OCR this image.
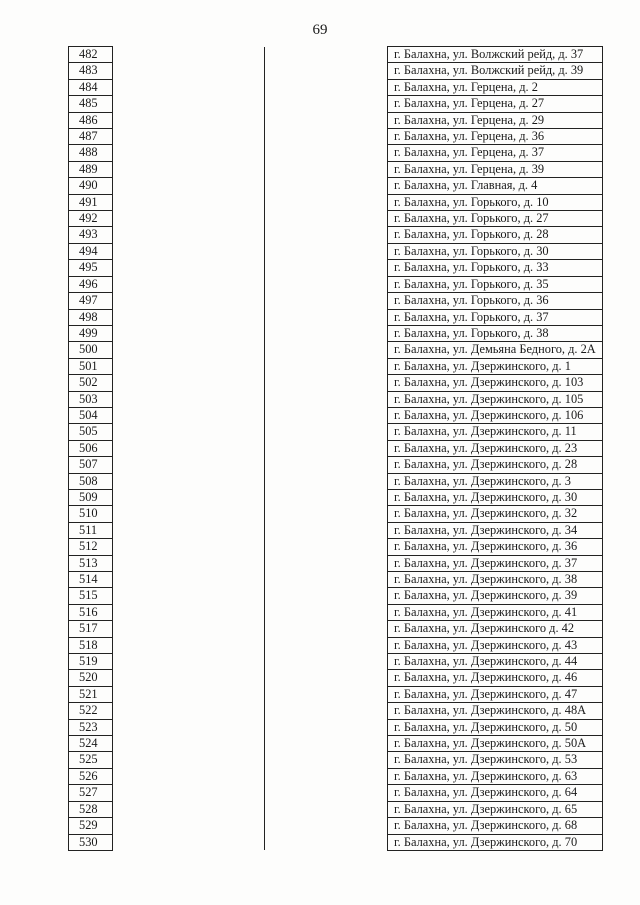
69
482			г. Балахна, ул. Волжский рейд, д. 37
483			г. Балахна, ул. Волжский рейд, д. 39
484			г. Балахна, ул. Герцена, д. 2
485			г. Балахна, ул. Герцена, д. 27
486			г. Балахна, ул. Герцена, д. 29
487			г. Балахна, ул. Герцена, д. 36
488			г. Балахна, ул. Герцена, д. 37
489			г. Балахна, ул. Герцена, д. 39
490			г. Балахна, ул. Главная, д. 4
491			г. Балахна, ул. Горького, д. 10
492			г. Балахна, ул. Горького, д. 27
493			г. Балахна, ул. Горького, д. 28
494			г. Балахна, ул. Горького, д. 30
495			г. Балахна, ул. Горького, д. 33
496			г. Балахна, ул. Горького, д. 35
497			г. Балахна, ул. Горького, д. 36
498			г. Балахна, ул. Горького, д. 37
499			г. Балахна, ул. Горького, д. 38
500			г. Балахна, ул. Демьяна Бедного, д. 2А
501			г. Балахна, ул. Дзержинского, д. 1
502			г. Балахна, ул. Дзержинского, д. 103
503			г. Балахна, ул. Дзержинского, д. 105
504			г. Балахна, ул. Дзержинского, д. 106
505			г. Балахна, ул. Дзержинского, д. 11
506			г. Балахна, ул. Дзержинского, д. 23
507			г. Балахна, ул. Дзержинского, д. 28
508			г. Балахна, ул. Дзержинского, д. 3
509			г. Балахна, ул. Дзержинского, д. 30
510			г. Балахна, ул. Дзержинского, д. 32
511			г. Балахна, ул. Дзержинского, д. 34
512			г. Балахна, ул. Дзержинского, д. 36
513			г. Балахна, ул. Дзержинского, д. 37
514			г. Балахна, ул. Дзержинского, д. 38
515			г. Балахна, ул. Дзержинского, д. 39
516			г. Балахна, ул. Дзержинского, д. 41
517			г. Балахна, ул. Дзержинского д. 42
518			г. Балахна, ул. Дзержинского, д. 43
519			г. Балахна, ул. Дзержинского, д. 44
520			г. Балахна, ул. Дзержинского, д. 46
521			г. Балахна, ул. Дзержинского, д. 47
522			г. Балахна, ул. Дзержинского, д. 48А
523			г. Балахна, ул. Дзержинского, д. 50
524			г. Балахна, ул. Дзержинского, д. 50А
525			г. Балахна, ул. Дзержинского, д. 53
526			г. Балахна, ул. Дзержинского, д. 63
527			г. Балахна, ул. Дзержинского, д. 64
528			г. Балахна, ул. Дзержинского, д. 65
529			г. Балахна, ул. Дзержинского, д. 68
530			г. Балахна, ул. Дзержинского, д. 70
